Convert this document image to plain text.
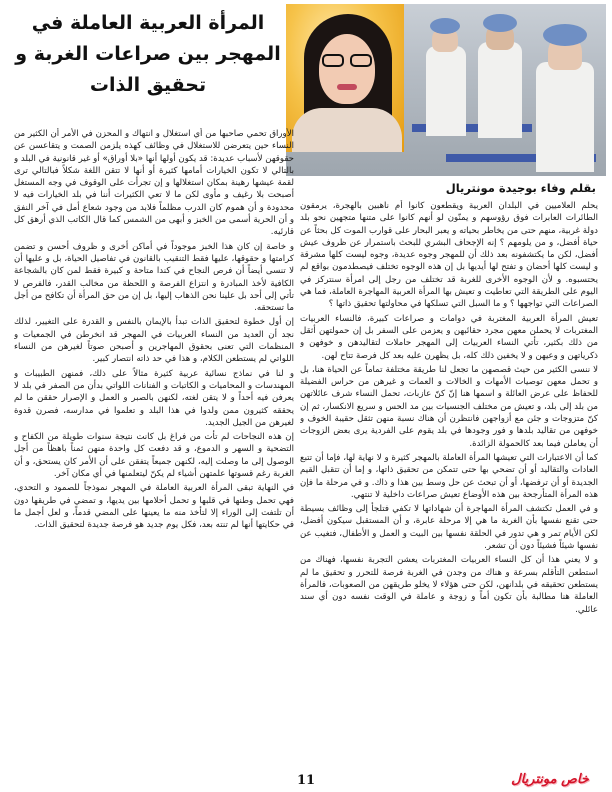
المرأة العربية العاملة في
المهجر بين صراعات الغربة و
تحقيق الذات
بقلم وفاء بوجيدة مونتريال

يحلم العلاميين في البلدان العربية ويقطعون كانوا أم ناهبين بالهجرة، يرمقون الطائرات العابرات فوق رؤوسهم و يمنّون لو أنهم كانوا على متنها متجهين نحو بلد دولة غربية، منهم حتى من يخاطر بحياته و يعبر البحار على قوارب الموت كل بحثاً عن حياة أفضل، و من يلومهم ؟ إنه الإجحاف البشري للبحث باستمرار عن ظروف عيش أفضل، لكن ما يكتشفونه بعد ذلك أن للمهجر وجوه عديدة، وجوه ليست كلها مشرقة و ليست كلها أحضان و تفتح لها أيديها بل إن هذه الوجوه تختلف فيصطدمون بواقع لم يحتسبوه. و لأن الوجوه الأخرى للغربة قد تختلف من رجل إلى امرأة سنتركز في اليوم على الطريقة التي تعاطيت و تعيش بها المرأة العربية المهاجرة العاملة، فما هي الصراعات التي تواجهها ؟ و ما السبل التي تسلكها في محاولتها تحقيق ذاتها ؟

تعيش المرأة العربية المغتربة في دوامات و صراعات كبيرة، فالنساء العربيات المغتربات لا يحملن معهن مجرد حقائبهن و يعزمن على السفر بل إن حمولتهن أثقل من ذلك بكثير، تأتي النساء العربيات إلى المهجر حاملات لتقاليدهن و خوفهن و ذكرياتهن و وعيهن و لا يخفين ذلك كله، بل يظهرن عليه بعد كل فرصة تتاح لهن.

لا ننسى الكثير من حيث قصصهن ما تجعل لنا طريقة مختلفة تماماً عن الحياة هنا، بل و تحمل معهن توصيات الأمهات و الخالات و العمات و غيرهن من حراس الفضيلة للحفاظ على عرض العائلة و اسمها هنا إنّ كنّ عازبات، تحمل النساء شرف عائلاتهن من بلد إلى بلد، و تعيش من مختلف الجنسيات بين مد الحس و سريع الانكسار، ثم إن كنّ متزوجات و جئن مع أزواجهن فانتظرن أن هناك نسبة منهن تثقل حقيبة الخوف و خوفهن من تقاليد بلدها و فور وجودها في بلد يقوم على الفردية يرى بعض الزوجات أن يعاملن فيما بعد كالحمولة الزائدة.

كما أن الاعتبارات التي تعيشها المرأة العاملة بالمهجر كثيرة و لا نهاية لها، فإما أن تتبع العادات والتقاليد أو أن تضحي بها حتى تتمكن من تحقيق ذاتها، و إما أن تتقبل القيم الجديدة أو أن ترفضها، أو أن تبحث عن حل وسط بين هذا و ذاك. و في مرحلة ما فإن هذه المرأة المتأرجحة بين هذه الأوضاع تعيش صراعات داخلية لا تنتهي.

و في العمل تكتشف المرأة المهاجرة أن شهاداتها لا تكفي فتلجأ إلى وظائف بسيطة حتى تقنع نفسها بأن الغربة ما هي إلا مرحلة عابرة، و أن المستقبل سيكون أفضل، لكن الأيام تمر و هي تدور في الحلقة نفسها بين البيت و العمل و الأطفال، فتغيب عن نفسها شيئاً فشيئاً دون أن تشعر.

و لا يعني هذا أن كل النساء العربيات المغتربات يعشن التجربة نفسها، فهناك من استطعن التأقلم بسرعة و هناك من وجدن في الغربة فرصة للتحرر و تحقيق ما لم يستطعن تحقيقه في بلدانهن، لكن حتى هؤلاء لا يخلو طريقهن من الصعوبات، فالمرأة العاملة هنا مطالبة بأن تكون أماً و زوجة و عاملة في الوقت نفسه دون أي سند عائلي.

الأوراق تحمي صاحبها من أي استغلال و انتهاك و المحزن في الأمر أن الكثير من النساء حين يتعرضن للاستغلال في وظائف كهذه يلزمن الصمت و يتقاعسن عن حقوقهن لأسباب عديدة: قد يكون أولها أنها «بلا أوراق» أو غير قانونية في البلد و بالتالي لا تكون الخيارات أمامها كثيرة أو أنها لا تتقن اللغة شكلاً فبالتالي ترى لقمة عيشها رهينة بمكان استغلالها و إن تجرأت على الوقوف في وجه المستغل أصبحت بلا رغيف و مأوى لكن ما لا تعي الكثيرات أننا في بلد الخيارات فيه لا محدودة و أن هموم كان الدرب مظلماً فلابد من وجود شعاع أمل في آخر النفق و أن الحرية أسمى من الخبز و أبهى من الشمس كما قال الكاتب الذي أرهق كل قارئيه.

و خاصة إن كان هذا الخبز موجوداً في أماكن أخرى و ظروف أحسن و تضمن كرامتها و حقوقها، عليها فقط التنقيب بالقانون في تفاصيل الحياة، بل و عليها أن لا تنسى أيضاً أن فرص النجاح في كندا متاحة و كبيرة فقط لمن كان بالشجاعة الكافية لأخذ المبادرة و انتزاع الفرصة و اللحظة من مخالب القدر، فالفرص لا تأتي إلى أحد بل علينا نحن الذهاب إليها، بل إن من حق المرأة أن تكافح من أجل ما تستحقه.

إن أول خطوة لتحقيق الذات تبدأ بالإيمان بالنفس و القدرة على التغيير، لذلك نجد أن العديد من النساء العربيات في المهجر قد انخرطن في الجمعيات و المنظمات التي تعنى بحقوق المهاجرين و أصبحن صوتاً لغيرهن من النساء اللواتي لم يستطعن الكلام، و هذا في حد ذاته انتصار كبير.

و لنا في نماذج نسائية عربية كثيرة مثالاً على ذلك، فمنهن الطبيبات و المهندسات و المحاميات و الكاتبات و الفنانات اللواتي بدأن من الصفر في بلد لا يعرفن فيه أحداً و لا يتقن لغته، لكنهن بالصبر و العمل و الإصرار حققن ما لم يحققه كثيرون ممن ولدوا في هذا البلد و تعلموا في مدارسه، فصرن قدوة لغيرهن من الجيل الجديد.

إن هذه النجاحات لم تأت من فراغ بل كانت نتيجة سنوات طويلة من الكفاح و التضحية و السهر و الدموع، و قد دفعت كل واحدة منهن ثمناً باهظاً من أجل الوصول إلى ما وصلت إليه، لكنهن جميعاً يتفقن على أن الأمر كان يستحق، و أن الغربة رغم قسوتها علمتهن أشياء لم يكنّ ليتعلمنها في أي مكان آخر.

في النهاية تبقى المرأة العربية العاملة في المهجر نموذجاً للصمود و التحدي، فهي تحمل وطنها في قلبها و تحمل أحلامها بين يديها، و تمضي في طريقها دون أن تلتفت إلى الوراء إلا لتأخذ منه ما يعينها على المضي قدماً، و لعل أجمل ما في حكايتها أنها لم تنته بعد، فكل يوم جديد هو فرصة جديدة لتحقيق الذات.

11	خاص مونتريال
